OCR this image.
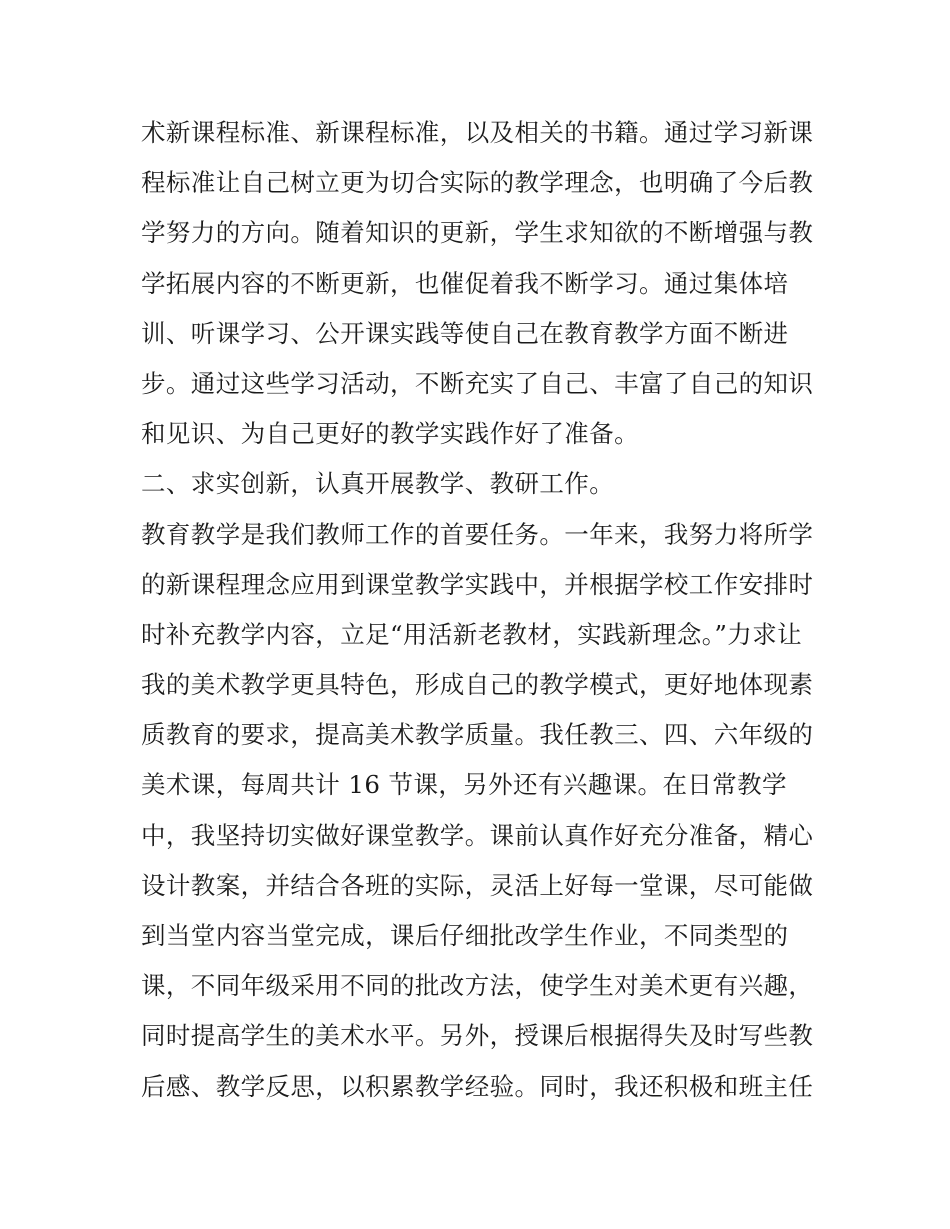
术新课程标准、新课程标准，以及相关的书籍。通过学习新课
程标准让自己树立更为切合实际的教学理念，也明确了今后教
学努力的方向。随着知识的更新，学生求知欲的不断增强与教
学拓展内容的不断更新，也催促着我不断学习。通过集体培
训、听课学习、公开课实践等使自己在教育教学方面不断进
步。通过这些学习活动，不断充实了自己、丰富了自己的知识
和见识、为自己更好的教学实践作好了准备。
二、求实创新，认真开展教学、教研工作。
教育教学是我们教师工作的首要任务。一年来，我努力将所学
的新课程理念应用到课堂教学实践中，并根据学校工作安排时
时补充教学内容，立足“用活新老教材，实践新理念。”力求让
我的美术教学更具特色，形成自己的教学模式，更好地体现素
质教育的要求，提高美术教学质量。我任教三、四、六年级的
美术课，每周共计 16 节课，另外还有兴趣课。在日常教学
中，我坚持切实做好课堂教学。课前认真作好充分准备，精心
设计教案，并结合各班的实际，灵活上好每一堂课，尽可能做
到当堂内容当堂完成，课后仔细批改学生作业，不同类型的
课，不同年级采用不同的批改方法，使学生对美术更有兴趣，
同时提高学生的美术水平。另外，授课后根据得失及时写些教
后感、教学反思，以积累教学经验。同时，我还积极和班主任
